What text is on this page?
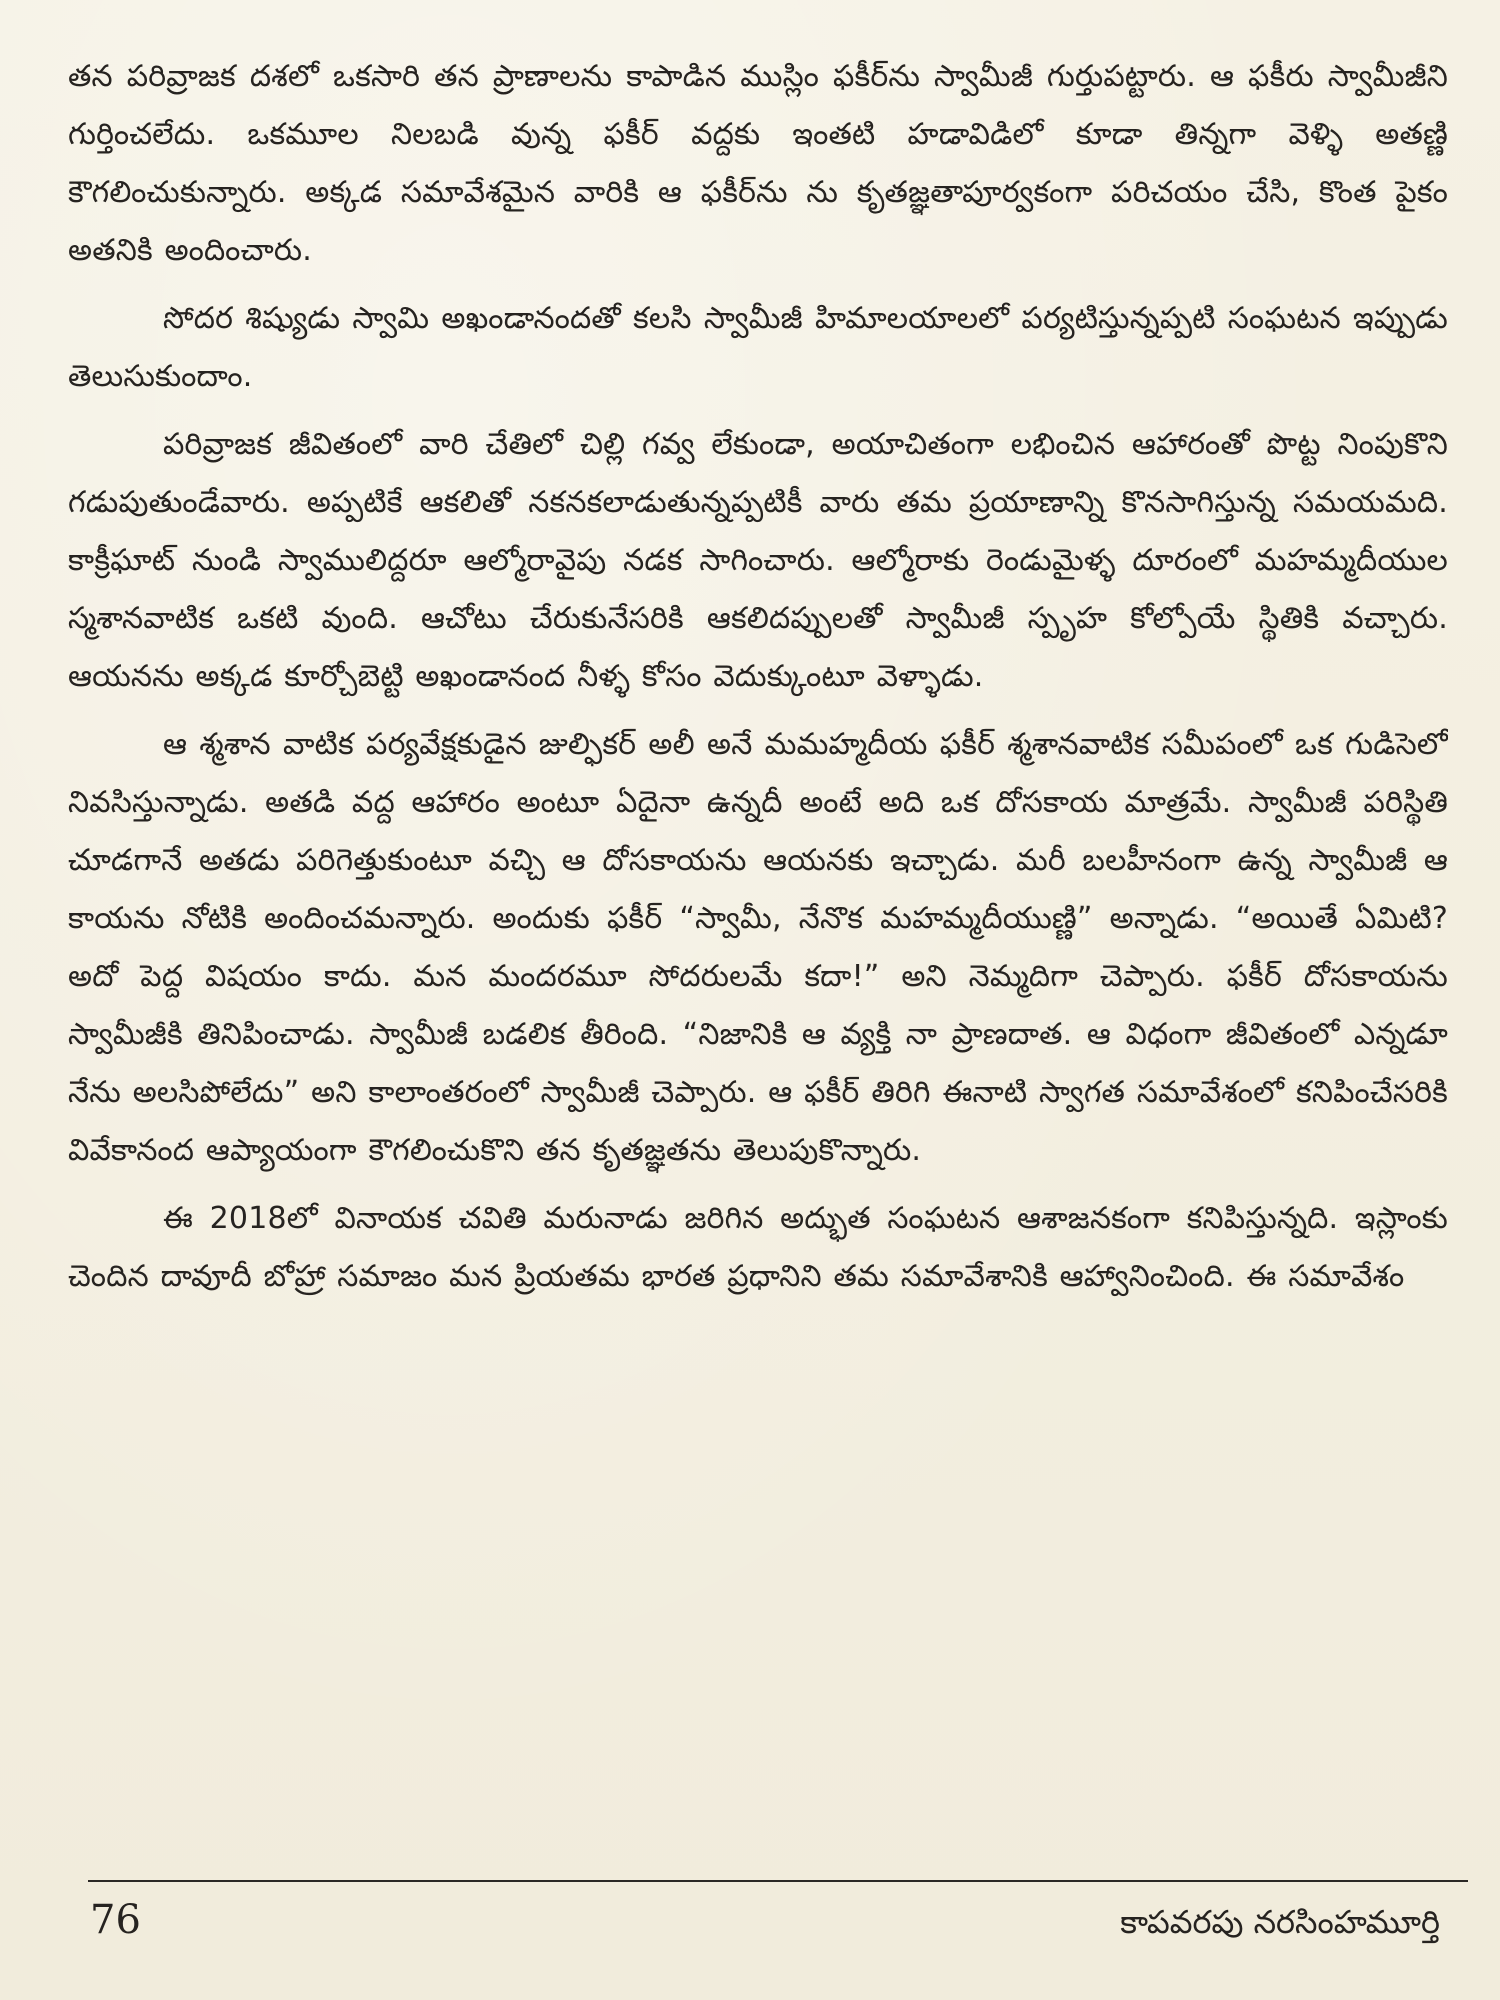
తన పరివ్రాజక దశలో ఒకసారి తన ప్రాణాలను కాపాడిన ముస్లిం ఫకీర్‌ను స్వామీజీ గుర్తుపట్టారు. ఆ ఫకీరు స్వామీజీని గుర్తించలేదు. ఒకమూల నిలబడి వున్న ఫకీర్ వద్దకు ఇంతటి హడావిడిలో కూడా తిన్నగా వెళ్ళి అతణ్ణి కౌగలించుకున్నారు. అక్కడ సమావేశమైన వారికి ఆ ఫకీర్‌ను ను కృతజ్ఞతాపూర్వకంగా పరిచయం చేసి, కొంత పైకం అతనికి అందించారు.

సోదర శిష్యుడు స్వామి అఖండానందతో కలసి స్వామీజీ హిమాలయాలలో పర్యటిస్తున్నప్పటి సంఘటన ఇప్పుడు తెలుసుకుందాం.

పరివ్రాజక జీవితంలో వారి చేతిలో చిల్లి గవ్వ లేకుండా, అయాచితంగా లభించిన ఆహారంతో పొట్ట నింపుకొని గడుపుతుండేవారు. అప్పటికే ఆకలితో నకనకలాడుతున్నప్పటికీ వారు తమ ప్రయాణాన్ని కొనసాగిస్తున్న సమయమది. కాక్రీఘాట్ నుండి స్వాములిద్దరూ ఆల్మోరావైపు నడక సాగించారు. ఆల్మోరాకు రెండుమైళ్ళ దూరంలో మహమ్మదీయుల స్మశానవాటిక ఒకటి వుంది. ఆచోటు చేరుకునేసరికి ఆకలిదప్పులతో స్వామీజీ స్పృహ కోల్పోయే స్థితికి వచ్చారు. ఆయనను అక్కడ కూర్చోబెట్టి అఖండానంద నీళ్ళ కోసం వెదుక్కుంటూ వెళ్ళాడు.

ఆ శ్మశాన వాటిక పర్యవేక్షకుడైన జుల్ఫికర్ అలీ అనే మమహ్మదీయ ఫకీర్ శ్మశానవాటిక సమీపంలో ఒక గుడిసెలో నివసిస్తున్నాడు. అతడి వద్ద ఆహారం అంటూ ఏదైనా ఉన్నదీ అంటే అది ఒక దోసకాయ మాత్రమే. స్వామీజీ పరిస్థితి చూడగానే అతడు పరిగెత్తుకుంటూ వచ్చి ఆ దోసకాయను ఆయనకు ఇచ్చాడు. మరీ బలహీనంగా ఉన్న స్వామీజీ ఆ కాయను నోటికి అందించమన్నారు. అందుకు ఫకీర్ “స్వామీ, నేనొక మహమ్మదీయుణ్ణి” అన్నాడు. “అయితే ఏమిటి? అదో పెద్ద విషయం కాదు. మన మందరమూ సోదరులమే కదా!” అని నెమ్మదిగా చెప్పారు. ఫకీర్ దోసకాయను స్వామీజీకి తినిపించాడు. స్వామీజీ బడలిక తీరింది. “నిజానికి ఆ వ్యక్తి నా ప్రాణదాత. ఆ విధంగా జీవితంలో ఎన్నడూ నేను అలసిపోలేదు” అని కాలాంతరంలో స్వామీజీ చెప్పారు. ఆ ఫకీర్ తిరిగి ఈనాటి స్వాగత సమావేశంలో కనిపించేసరికి వివేకానంద ఆప్యాయంగా కౌగలించుకొని తన కృతజ్ఞతను తెలుపుకొన్నారు.

ఈ 2018లో వినాయక చవితి మరునాడు జరిగిన అద్భుత సంఘటన ఆశాజనకంగా కనిపిస్తున్నది. ఇస్లాంకు చెందిన దావూదీ బోహ్రా సమాజం మన ప్రియతమ భారత ప్రధానిని తమ సమావేశానికి ఆహ్వానించింది. ఈ సమావేశం

76	కాపవరపు నరసింహమూర్తి
